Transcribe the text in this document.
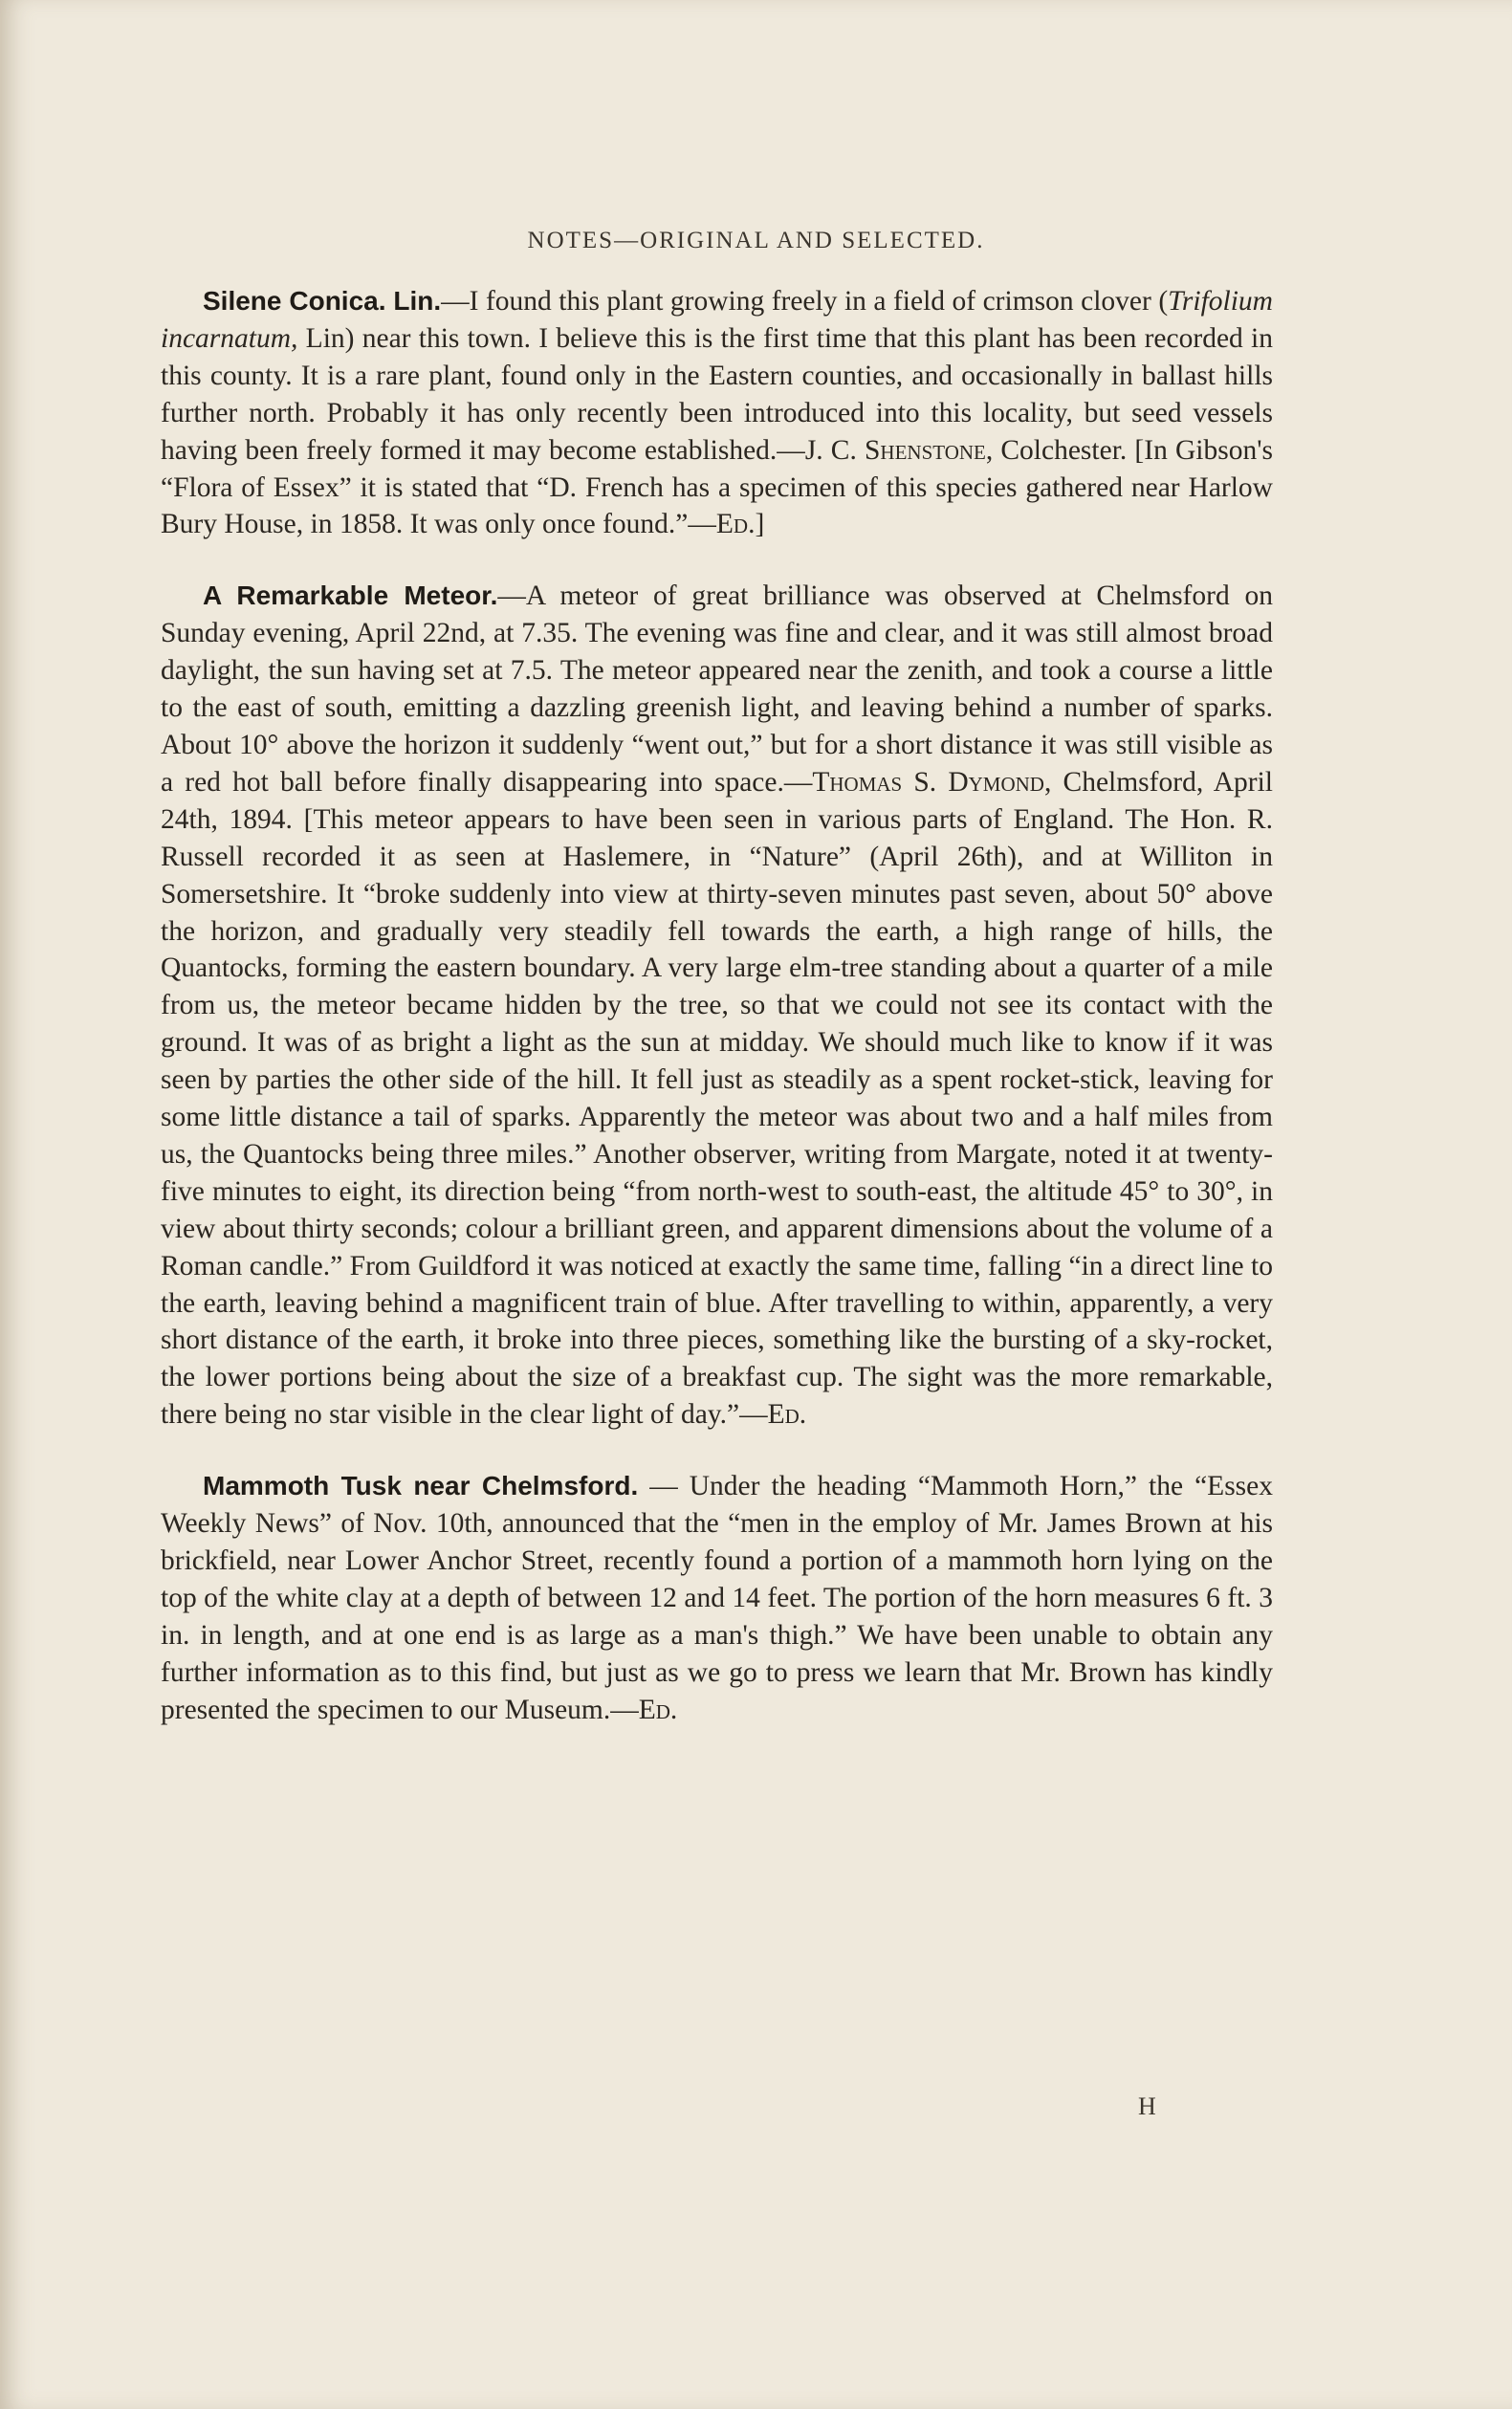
NOTES—ORIGINAL AND SELECTED.

Silene Conica. Lin.—I found this plant growing freely in a field of crimson clover (Trifolium incarnatum, Lin) near this town. I believe this is the first time that this plant has been recorded in this county. It is a rare plant, found only in the Eastern counties, and occasionally in ballast hills further north. Probably it has only recently been introduced into this locality, but seed vessels having been freely formed it may become established.—J. C. Shenstone, Colchester. [In Gibson's “Flora of Essex” it is stated that “D. French has a specimen of this species gathered near Harlow Bury House, in 1858. It was only once found.”—Ed.]

A Remarkable Meteor.—A meteor of great brilliance was observed at Chelmsford on Sunday evening, April 22nd, at 7.35. The evening was fine and clear, and it was still almost broad daylight, the sun having set at 7.5. The meteor appeared near the zenith, and took a course a little to the east of south, emitting a dazzling greenish light, and leaving behind a number of sparks. About 10° above the horizon it suddenly “went out,” but for a short distance it was still visible as a red hot ball before finally disappearing into space.—Thomas S. Dymond, Chelmsford, April 24th, 1894. [This meteor appears to have been seen in various parts of England. The Hon. R. Russell recorded it as seen at Haslemere, in “Nature” (April 26th), and at Williton in Somersetshire. It “broke suddenly into view at thirty-seven minutes past seven, about 50° above the horizon, and gradually very steadily fell towards the earth, a high range of hills, the Quantocks, forming the eastern boundary. A very large elm-tree standing about a quarter of a mile from us, the meteor became hidden by the tree, so that we could not see its contact with the ground. It was of as bright a light as the sun at midday. We should much like to know if it was seen by parties the other side of the hill. It fell just as steadily as a spent rocket-stick, leaving for some little distance a tail of sparks. Apparently the meteor was about two and a half miles from us, the Quantocks being three miles.” Another observer, writing from Margate, noted it at twenty-five minutes to eight, its direction being “from north-west to south-east, the altitude 45° to 30°, in view about thirty seconds; colour a brilliant green, and apparent dimensions about the volume of a Roman candle.” From Guildford it was noticed at exactly the same time, falling “in a direct line to the earth, leaving behind a magnificent train of blue. After travelling to within, apparently, a very short distance of the earth, it broke into three pieces, something like the bursting of a sky-rocket, the lower portions being about the size of a breakfast cup. The sight was the more remarkable, there being no star visible in the clear light of day.”—Ed.

Mammoth Tusk near Chelmsford. — Under the heading “Mammoth Horn,” the “Essex Weekly News” of Nov. 10th, announced that the “men in the employ of Mr. James Brown at his brickfield, near Lower Anchor Street, recently found a portion of a mammoth horn lying on the top of the white clay at a depth of between 12 and 14 feet. The portion of the horn measures 6 ft. 3 in. in length, and at one end is as large as a man's thigh.” We have been unable to obtain any further information as to this find, but just as we go to press we learn that Mr. Brown has kindly presented the specimen to our Museum.—Ed.

H
